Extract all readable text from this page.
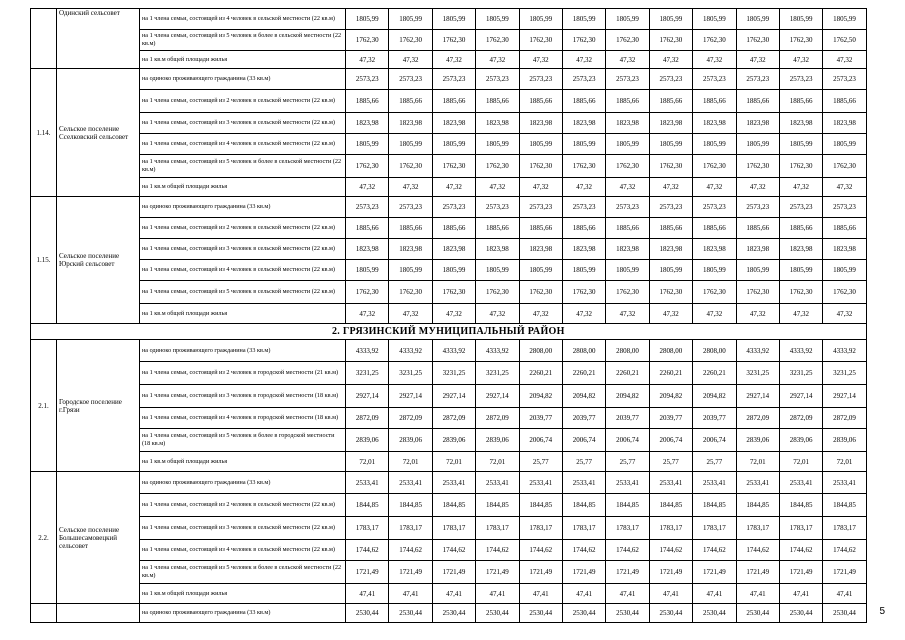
	Одинский сельсовет	на 1 члена семьи, состоящей из 4 человек в сельской местности (22 кв.м)	1805,99	1805,99	1805,99	1805,99	1805,99	1805,99	1805,99	1805,99	1805,99	1805,99	1805,99	1805,99
		на 1 члена семьи, состоящей из 5 человек и более в сельской местности (22 кв.м)	1762,30	1762,30	1762,30	1762,30	1762,30	1762,30	1762,30	1762,30	1762,30	1762,30	1762,30	1762,50
		на 1 кв.м общей площади жилья	47,32	47,32	47,32	47,32	47,32	47,32	47,32	47,32	47,32	47,32	47,32	47,32
1.14.	Сельское поселение Сселковский сельсовет	на одиноко проживающего гражданина (33 кв.м)	2573,23	2573,23	2573,23	2573,23	2573,23	2573,23	2573,23	2573,23	2573,23	2573,23	2573,23	2573,23
		на 1 члена семьи, состоящей из 2 человек в сельской местности (22 кв.м)	1885,66	1885,66	1885,66	1885,66	1885,66	1885,66	1885,66	1885,66	1885,66	1885,66	1885,66	1885,66
		на 1 члена семьи, состоящей из 3 человек в сельской местности (22 кв.м)	1823,98	1823,98	1823,98	1823,98	1823,98	1823,98	1823,98	1823,98	1823,98	1823,98	1823,98	1823,98
		на 1 члена семьи, состоящей из 4 человек в сельской местности (22 кв.м)	1805,99	1805,99	1805,99	1805,99	1805,99	1805,99	1805,99	1805,99	1805,99	1805,99	1805,99	1805,99
		на 1 члена семьи, состоящей из 5 человек и более в сельской местности (22 кв.м)	1762,30	1762,30	1762,30	1762,30	1762,30	1762,30	1762,30	1762,30	1762,30	1762,30	1762,30	1762,30
		на 1 кв.м общей площади жилья	47,32	47,32	47,32	47,32	47,32	47,32	47,32	47,32	47,32	47,32	47,32	47,32
1.15.	Сельское поселение Юрский сельсовет	на одиноко проживающего гражданина (33 кв.м)	2573,23	2573,23	2573,23	2573,23	2573,23	2573,23	2573,23	2573,23	2573,23	2573,23	2573,23	2573,23
		на 1 члена семьи, состоящей из 2 человек в сельской местности (22 кв.м)	1885,66	1885,66	1885,66	1885,66	1885,66	1885,66	1885,66	1885,66	1885,66	1885,66	1885,66	1885,66
		на 1 члена семьи, состоящей из 3 человек в сельской местности (22 кв.м)	1823,98	1823,98	1823,98	1823,98	1823,98	1823,98	1823,98	1823,98	1823,98	1823,98	1823,98	1823,98
		на 1 члена семьи, состоящей из 4 человек в сельской местности (22 кв.м)	1805,99	1805,99	1805,99	1805,99	1805,99	1805,99	1805,99	1805,99	1805,99	1805,99	1805,99	1805,99
		на 1 члена семьи, состоящей из 5 человек в сельской местности (22 кв.м)	1762,30	1762,30	1762,30	1762,30	1762,30	1762,30	1762,30	1762,30	1762,30	1762,30	1762,30	1762,30
		на 1 кв.м общей площади жилья	47,32	47,32	47,32	47,32	47,32	47,32	47,32	47,32	47,32	47,32	47,32	47,32
2. ГРЯЗИНСКИЙ МУНИЦИПАЛЬНЫЙ РАЙОН														
2.1.	Городское поселение г.Грязи	на одиноко проживающего гражданина (33 кв.м)	4333,92	4333,92	4333,92	4333,92	2808,00	2808,00	2808,00	2808,00	2808,00	4333,92	4333,92	4333,92
		на 1 члена семьи, состоящей из 2 человек в городской местности (21 кв.м)	3231,25	3231,25	3231,25	3231,25	2260,21	2260,21	2260,21	2260,21	2260,21	3231,25	3231,25	3231,25
		на 1 члена семьи, состоящей из 3 человек в городской местности (18 кв.м)	2927,14	2927,14	2927,14	2927,14	2094,82	2094,82	2094,82	2094,82	2094,82	2927,14	2927,14	2927,14
		на 1 члена семьи, состоящей из 4 человек в городской местности (18 кв.м)	2872,09	2872,09	2872,09	2872,09	2039,77	2039,77	2039,77	2039,77	2039,77	2872,09	2872,09	2872,09
		на 1 члена семьи, состоящей из 5 человек и более в городской местности (18 кв.м)	2839,06	2839,06	2839,06	2839,06	2006,74	2006,74	2006,74	2006,74	2006,74	2839,06	2839,06	2839,06
		на 1 кв.м общей площади жилья	72,01	72,01	72,01	72,01	25,77	25,77	25,77	25,77	25,77	72,01	72,01	72,01
2.2.	Сельское поселение Большесамовецкий сельсовет	на одиноко проживающего гражданина (33 кв.м)	2533,41	2533,41	2533,41	2533,41	2533,41	2533,41	2533,41	2533,41	2533,41	2533,41	2533,41	2533,41
		на 1 члена семьи, состоящей из 2 человек в сельской местности (22 кв.м)	1844,85	1844,85	1844,85	1844,85	1844,85	1844,85	1844,85	1844,85	1844,85	1844,85	1844,85	1844,85
		на 1 члена семьи, состоящей из 3 человек в сельской местности (22 кв.м)	1783,17	1783,17	1783,17	1783,17	1783,17	1783,17	1783,17	1783,17	1783,17	1783,17	1783,17	1783,17
		на 1 члена семьи, состоящей из 4 человек в сельской местности (22 кв.м)	1744,62	1744,62	1744,62	1744,62	1744,62	1744,62	1744,62	1744,62	1744,62	1744,62	1744,62	1744,62
		на 1 члена семьи, состоящей из 5 человек и более в сельской местности (22 кв.м)	1721,49	1721,49	1721,49	1721,49	1721,49	1721,49	1721,49	1721,49	1721,49	1721,49	1721,49	1721,49
		на 1 кв.м общей площади жилья	47,41	47,41	47,41	47,41	47,41	47,41	47,41	47,41	47,41	47,41	47,41	47,41
		на одиноко проживающего гражданина (33 кв.м)	2530,44	2530,44	2530,44	2530,44	2530,44	2530,44	2530,44	2530,44	2530,44	2530,44	2530,44	2530,44 5
